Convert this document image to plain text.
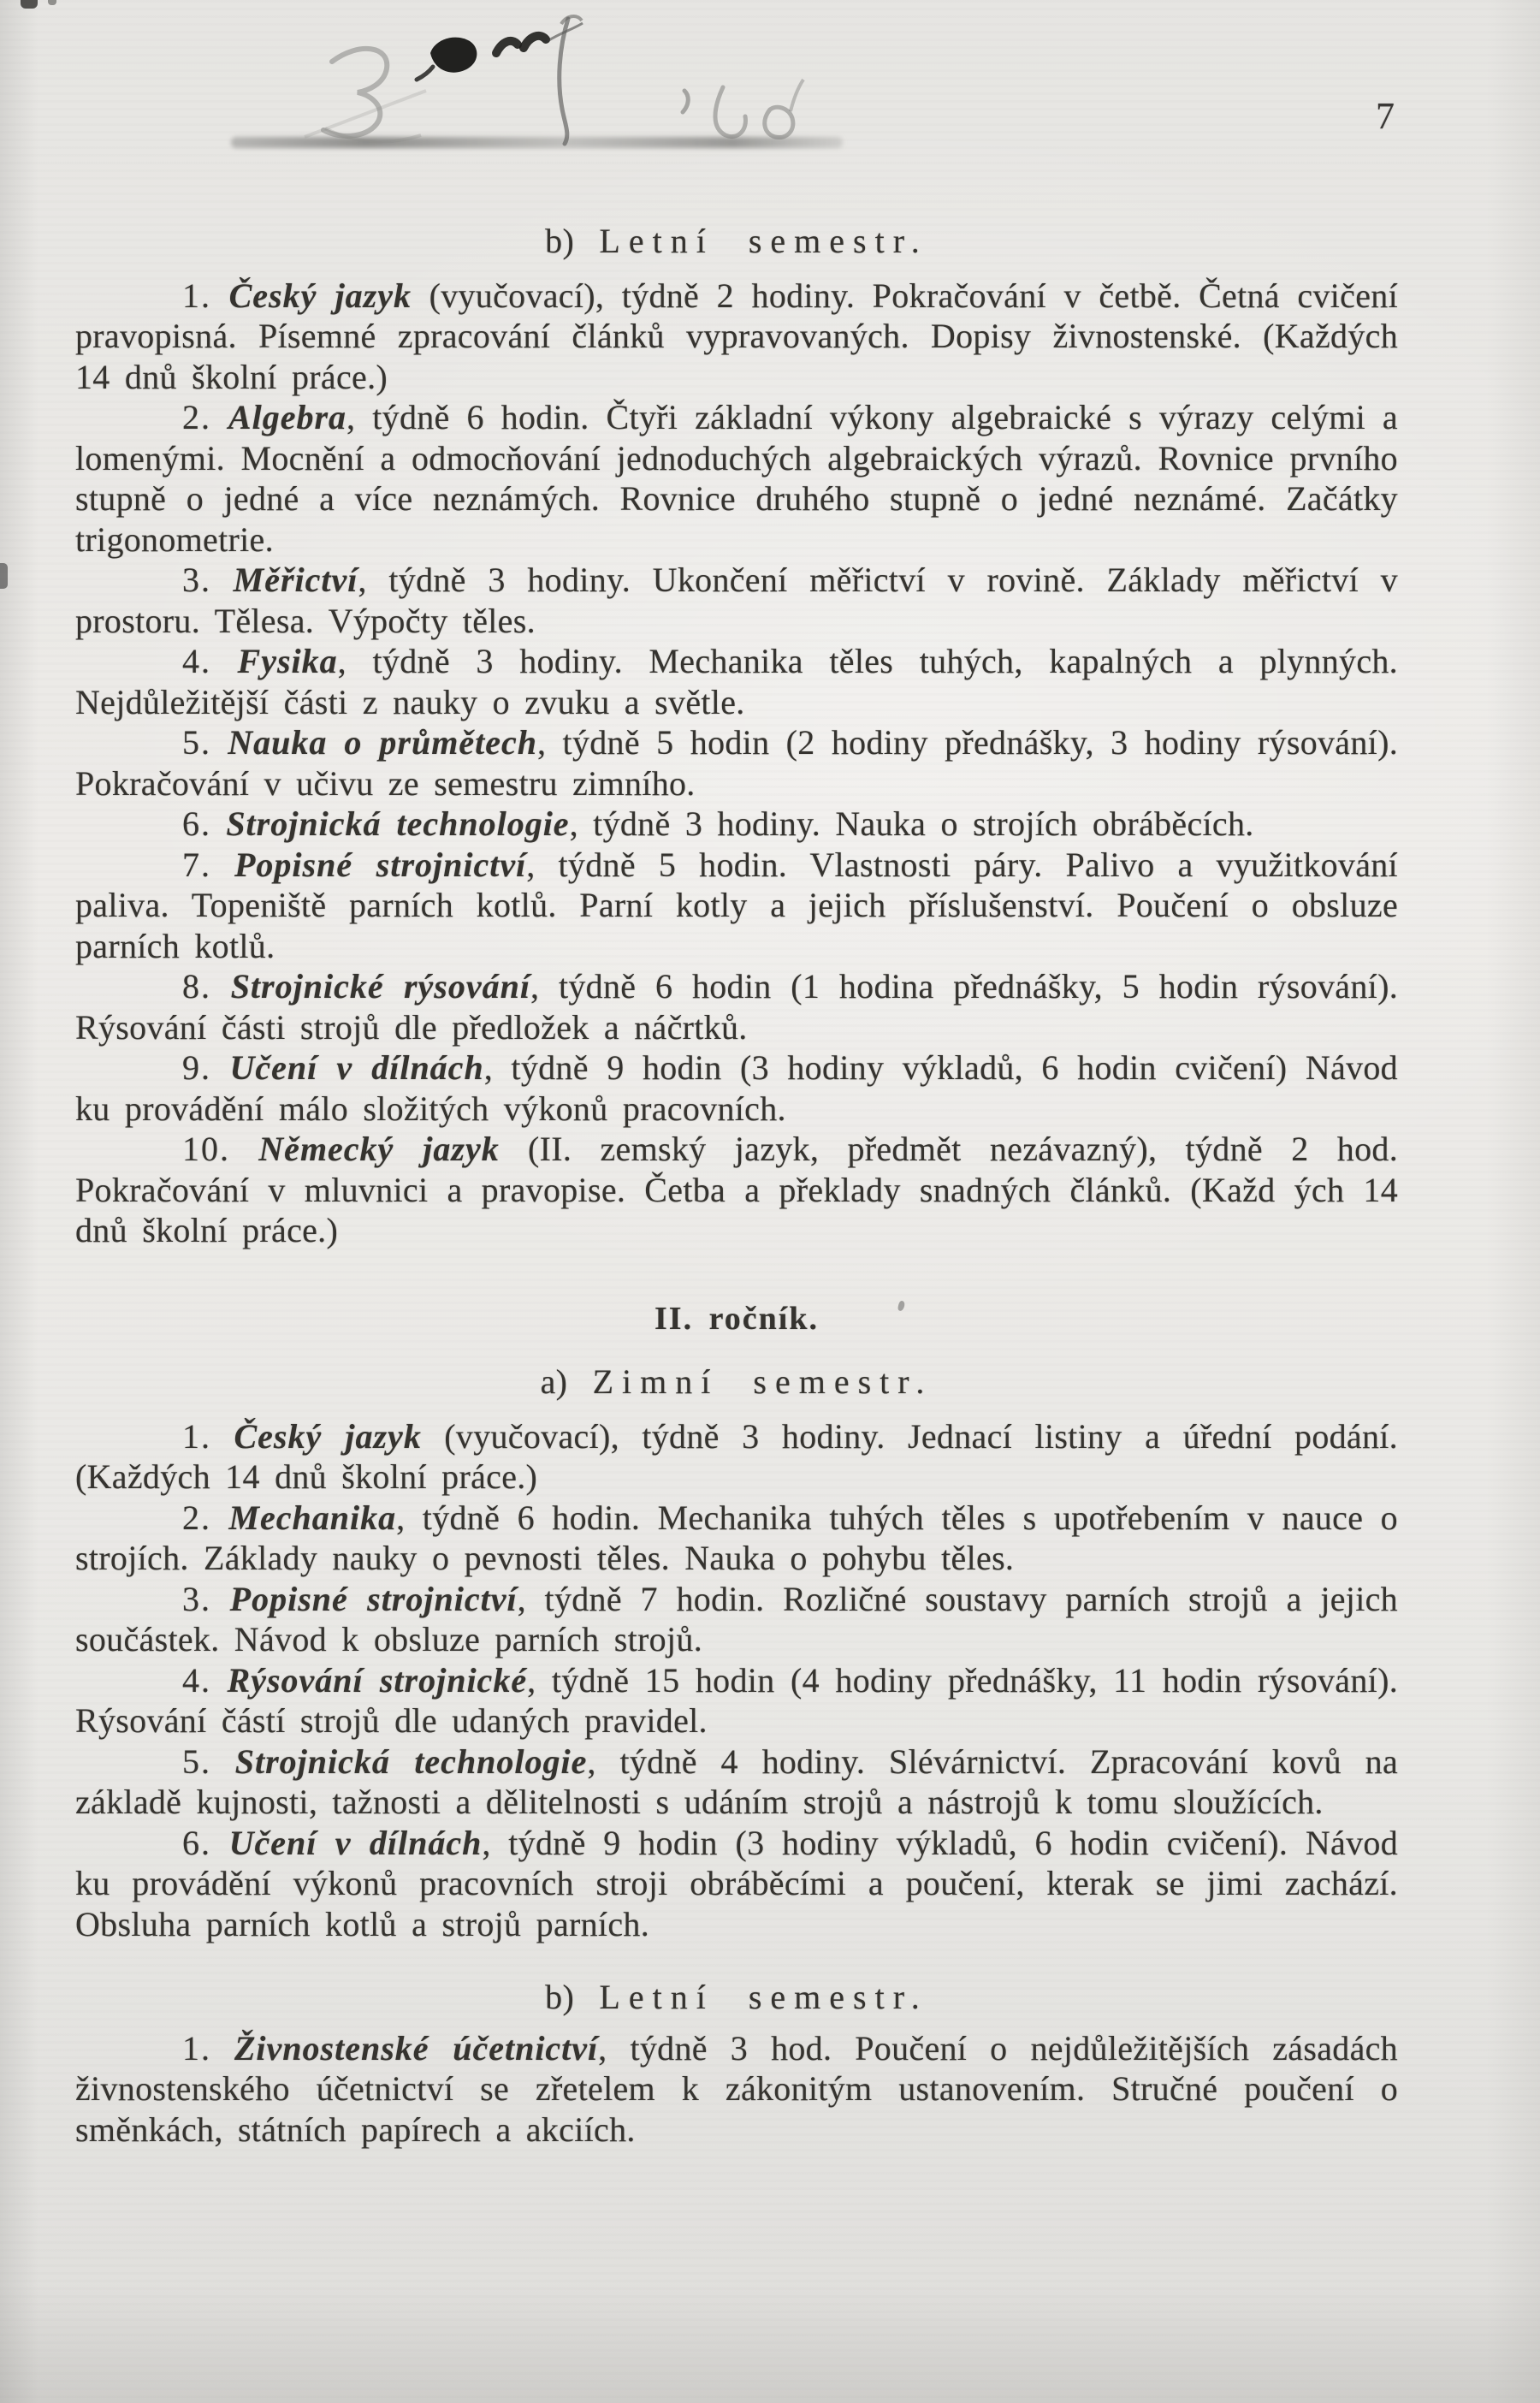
7
b) Letní semestr.

1. Český jazyk (vyučovací), týdně 2 hodiny. Pokračování v četbě. Četná cvičení pravopisná. Písemné zpracování článků vypravovaných. Dopisy živnostenské. (Každých 14 dnů školní práce.)

2. Algebra, týdně 6 hodin. Čtyři základní výkony algebraické s výrazy celými a lomenými. Mocnění a odmocňování jednoduchých algebraických výrazů. Rovnice prvního stupně o jedné a více neznámých. Rovnice druhého stupně o jedné neznámé. Začátky trigonometrie.

3. Měřictví, týdně 3 hodiny. Ukončení měřictví v rovině. Základy měřictví v prostoru. Tělesa. Výpočty těles.

4. Fysika, týdně 3 hodiny. Mechanika těles tuhých, kapalných a plynných. Nejdůležitější části z nauky o zvuku a světle.

5. Nauka o průmětech, týdně 5 hodin (2 hodiny přednášky, 3 hodiny rýsování). Pokračování v učivu ze semestru zimního.

6. Strojnická technologie, týdně 3 hodiny. Nauka o strojích obráběcích.

7. Popisné strojnictví, týdně 5 hodin. Vlastnosti páry. Palivo a využitkování paliva. Topeniště parních kotlů. Parní kotly a jejich příslušenství. Poučení o obsluze parních kotlů.

8. Strojnické rýsování, týdně 6 hodin (1 hodina přednášky, 5 hodin rýsování). Rýsování části strojů dle předložek a náčrtků.

9. Učení v dílnách, týdně 9 hodin (3 hodiny výkladů, 6 hodin cvičení) Návod ku provádění málo složitých výkonů pracovních.

10. Německý jazyk (II. zemský jazyk, předmět nezávazný), týdně 2 hod. Pokračování v mluvnici a pravopise. Četba a překlady snadných článků. (Každ ých 14 dnů školní práce.)

II. ročník.
a) Zimní semestr.

1. Český jazyk (vyučovací), týdně 3 hodiny. Jednací listiny a úřední podání. (Každých 14 dnů školní práce.)

2. Mechanika, týdně 6 hodin. Mechanika tuhých těles s upotřebením v nauce o strojích. Základy nauky o pevnosti těles. Nauka o pohybu těles.

3. Popisné strojnictví, týdně 7 hodin. Rozličné soustavy parních strojů a jejich součástek. Návod k obsluze parních strojů.

4. Rýsování strojnické, týdně 15 hodin (4 hodiny přednášky, 11 hodin rýsování). Rýsování částí strojů dle udaných pravidel.

5. Strojnická technologie, týdně 4 hodiny. Slévárnictví. Zpracování kovů na základě kujnosti, tažnosti a dělitelnosti s udáním strojů a nástrojů k tomu sloužících.

6. Učení v dílnách, týdně 9 hodin (3 hodiny výkladů, 6 hodin cvičení). Návod ku provádění výkonů pracovních stroji obráběcími a poučení, kterak se jimi zachází. Obsluha parních kotlů a strojů parních.

b) Letní semestr.

1. Živnostenské účetnictví, týdně 3 hod. Poučení o nejdůležitějších zásadách živnostenského účetnictví se zřetelem k zákonitým ustanovením. Stručné poučení o směnkách, státních papírech a akciích.
